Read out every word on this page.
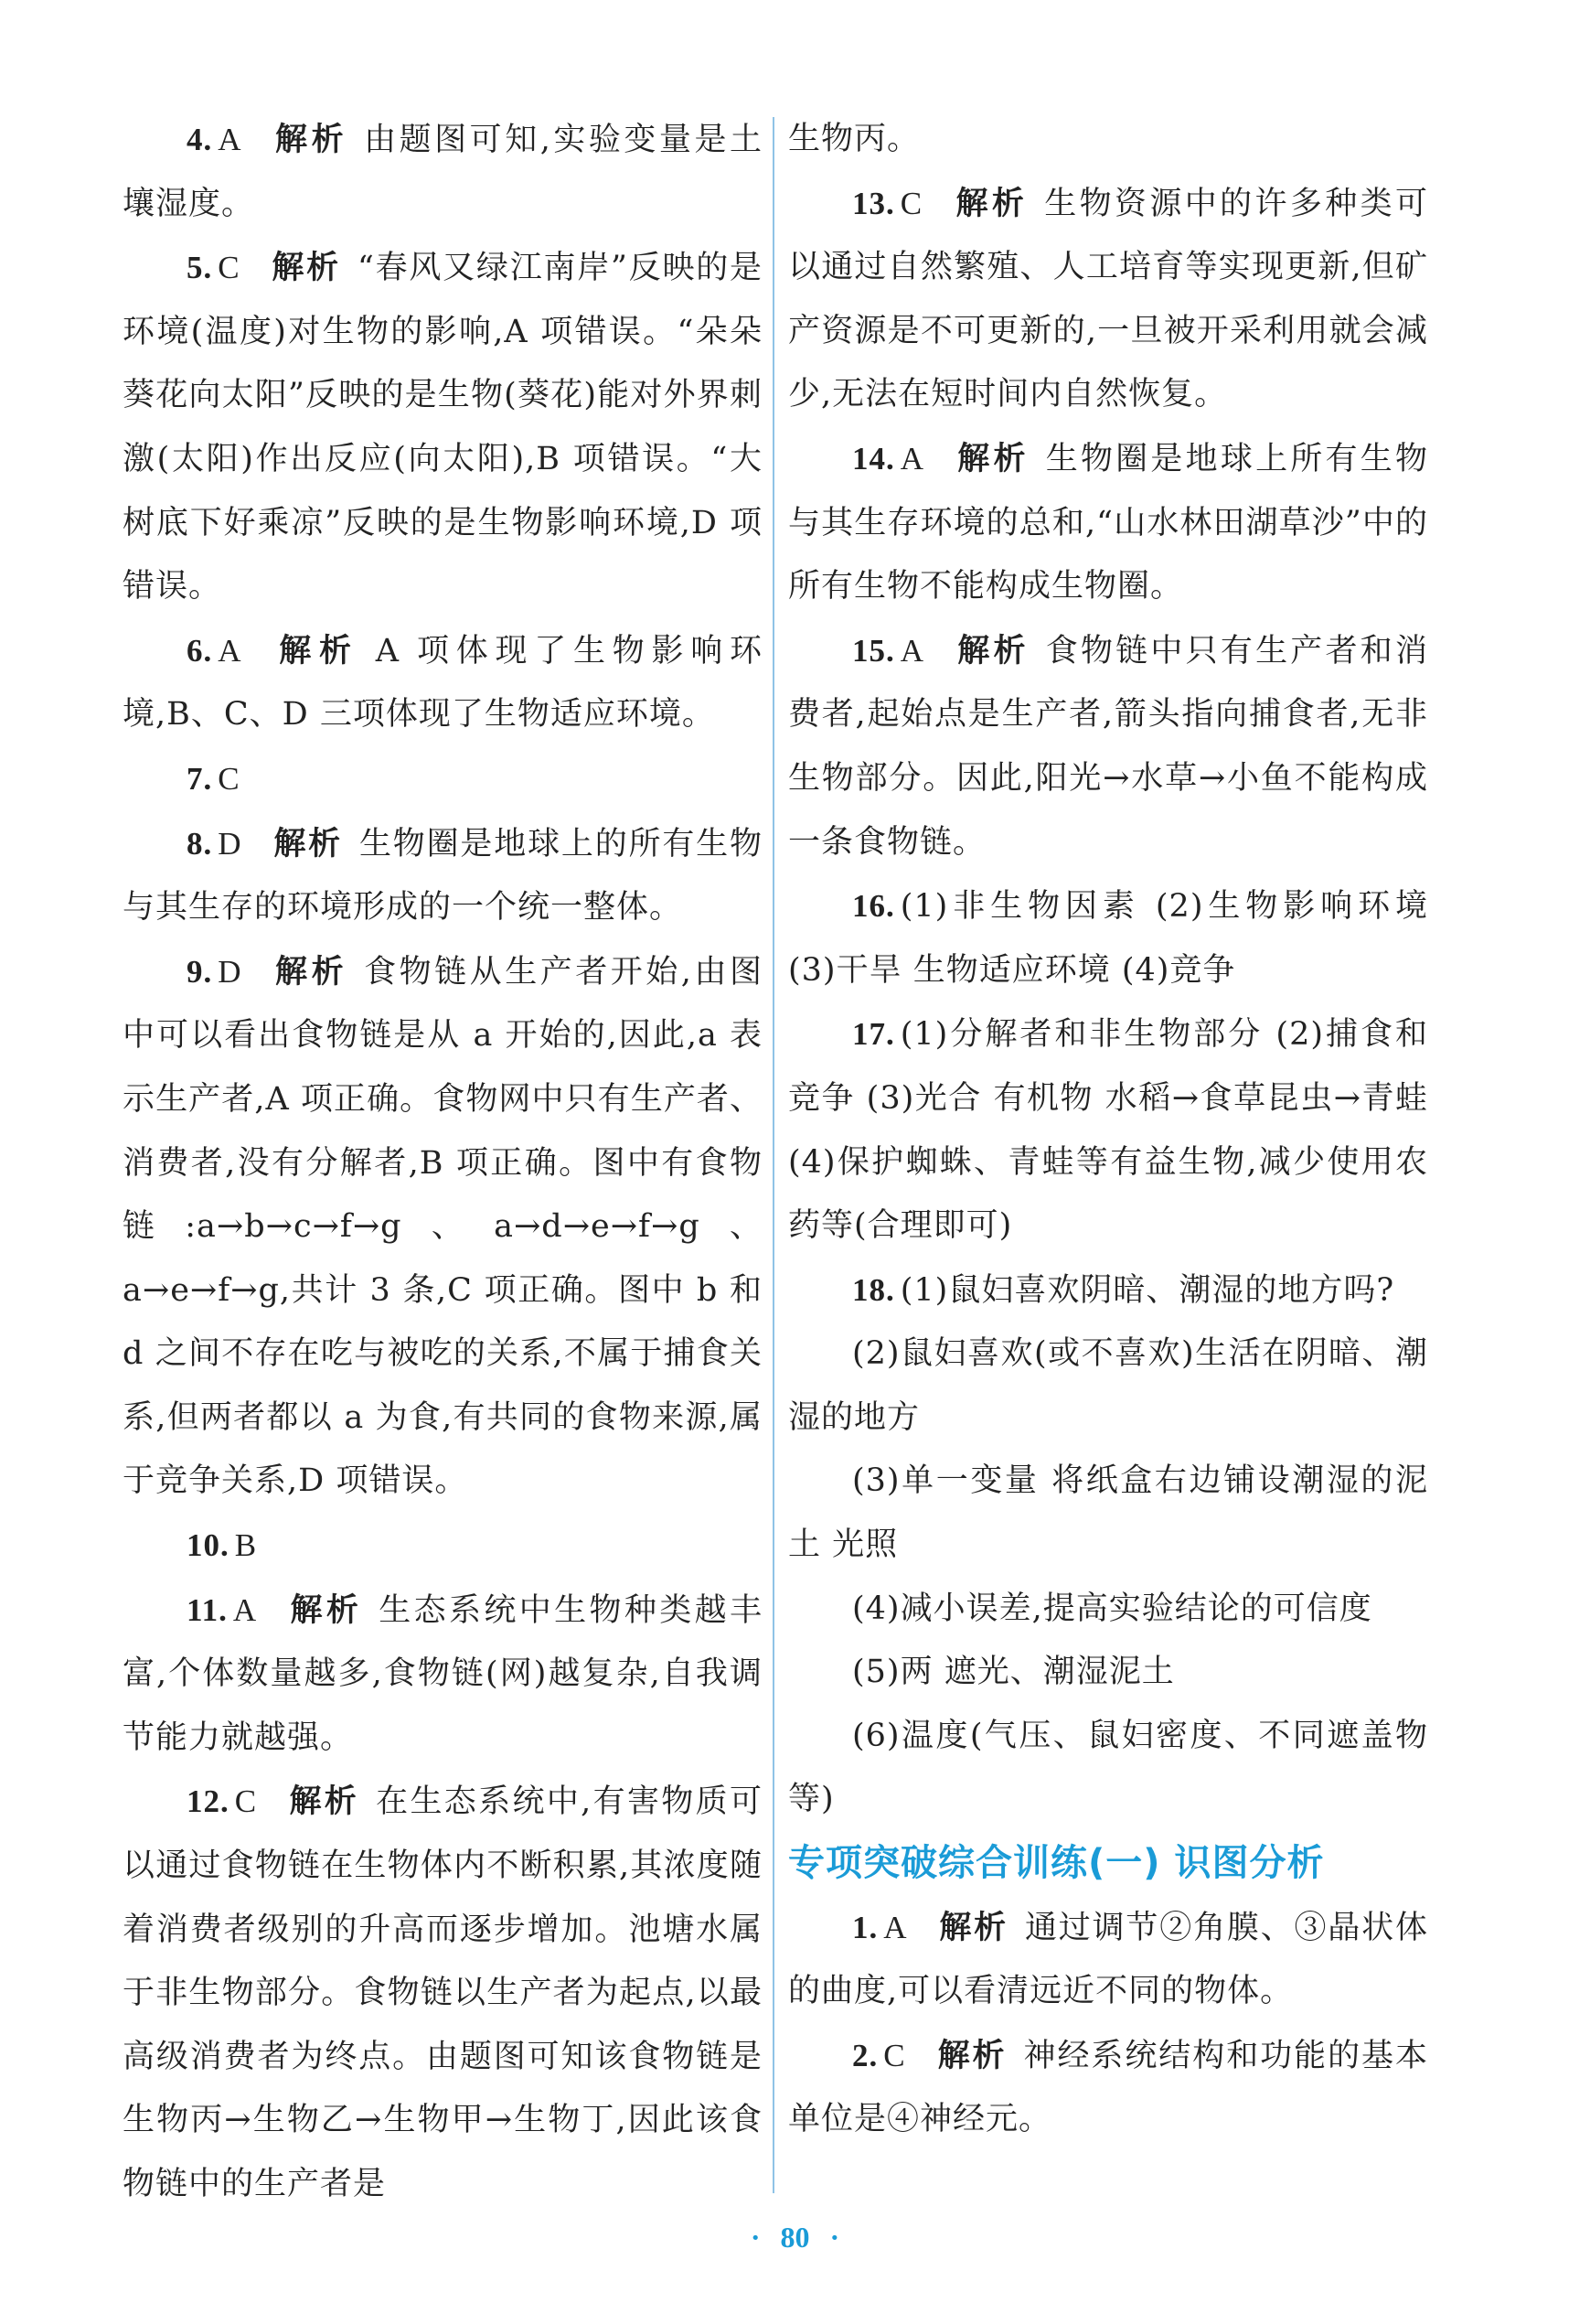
4. A 解析 由题图可知,实验变量是土壤湿度。

5. C 解析 “春风又绿江南岸”反映的是环境(温度)对生物的影响,A 项错误。“朵朵葵花向太阳”反映的是生物(葵花)能对外界刺激(太阳)作出反应(向太阳),B 项错误。“大树底下好乘凉”反映的是生物影响环境,D 项错误。

6. A 解析 A 项体现了生物影响环境,B、C、D 三项体现了生物适应环境。

7. C

8. D 解析 生物圈是地球上的所有生物与其生存的环境形成的一个统一整体。

9. D 解析 食物链从生产者开始,由图中可以看出食物链是从 a 开始的,因此,a 表示生产者,A 项正确。食物网中只有生产者、消费者,没有分解者,B 项正确。图中有食物链:a→b→c→f→g、a→d→e→f→g、a→e→f→g,共计 3 条,C 项正确。图中 b 和 d 之间不存在吃与被吃的关系,不属于捕食关系,但两者都以 a 为食,有共同的食物来源,属于竞争关系,D 项错误。

10. B

11. A 解析 生态系统中生物种类越丰富,个体数量越多,食物链(网)越复杂,自我调节能力就越强。

12. C 解析 在生态系统中,有害物质可以通过食物链在生物体内不断积累,其浓度随着消费者级别的升高而逐步增加。池塘水属于非生物部分。食物链以生产者为起点,以最高级消费者为终点。由题图可知该食物链是生物丙→生物乙→生物甲→生物丁,因此该食物链中的生产者是

生物丙。

13. C 解析 生物资源中的许多种类可以通过自然繁殖、人工培育等实现更新,但矿产资源是不可更新的,一旦被开采利用就会减少,无法在短时间内自然恢复。

14. A 解析 生物圈是地球上所有生物与其生存环境的总和,“山水林田湖草沙”中的所有生物不能构成生物圈。

15. A 解析 食物链中只有生产者和消费者,起始点是生产者,箭头指向捕食者,无非生物部分。因此,阳光→水草→小鱼不能构成一条食物链。

16. (1)非生物因素 (2)生物影响环境 (3)干旱 生物适应环境 (4)竞争

17. (1)分解者和非生物部分 (2)捕食和竞争 (3)光合 有机物 水稻→食草昆虫→青蛙 (4)保护蜘蛛、青蛙等有益生物,减少使用农药等(合理即可)

18. (1)鼠妇喜欢阴暗、潮湿的地方吗?

(2)鼠妇喜欢(或不喜欢)生活在阴暗、潮湿的地方

(3)单一变量 将纸盒右边铺设潮湿的泥土 光照

(4)减小误差,提高实验结论的可信度

(5)两 遮光、潮湿泥土

(6)温度(气压、鼠妇密度、不同遮盖物等)

专项突破综合训练(一) 识图分析

1. A 解析 通过调节②角膜、③晶状体的曲度,可以看清远近不同的物体。

2. C 解析 神经系统结构和功能的基本单位是④神经元。

· 80 ·
